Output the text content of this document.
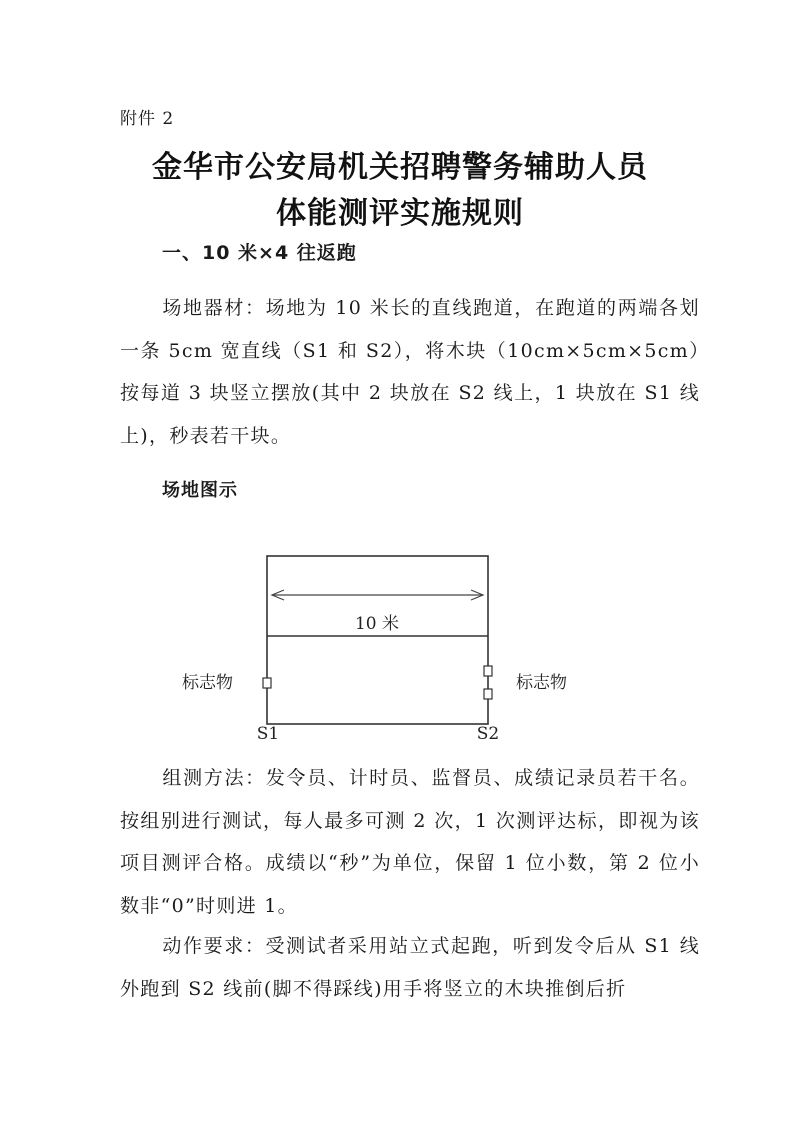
附件 2
金华市公安局机关招聘警务辅助人员
体能测评实施规则
一、10 米×4 往返跑

场地器材：场地为 10 米长的直线跑道，在跑道的两端各划一条 5cm 宽直线（S1 和 S2），将木块（10cm×5cm×5cm）按每道 3 块竖立摆放(其中 2 块放在 S2 线上，1 块放在 S1 线上)，秒表若干块。

场地图示
10 米
标志物	标志物
S1	S2

组测方法：发令员、计时员、监督员、成绩记录员若干名。 按组别进行测试，每人最多可测 2 次，1 次测评达标，即视为该项目测评合格。成绩以“秒”为单位，保留 1 位小数，第 2 位小数非“0”时则进 1。

动作要求：受测试者采用站立式起跑，听到发令后从 S1 线外跑到 S2 线前(脚不得踩线)用手将竖立的木块推倒后折
